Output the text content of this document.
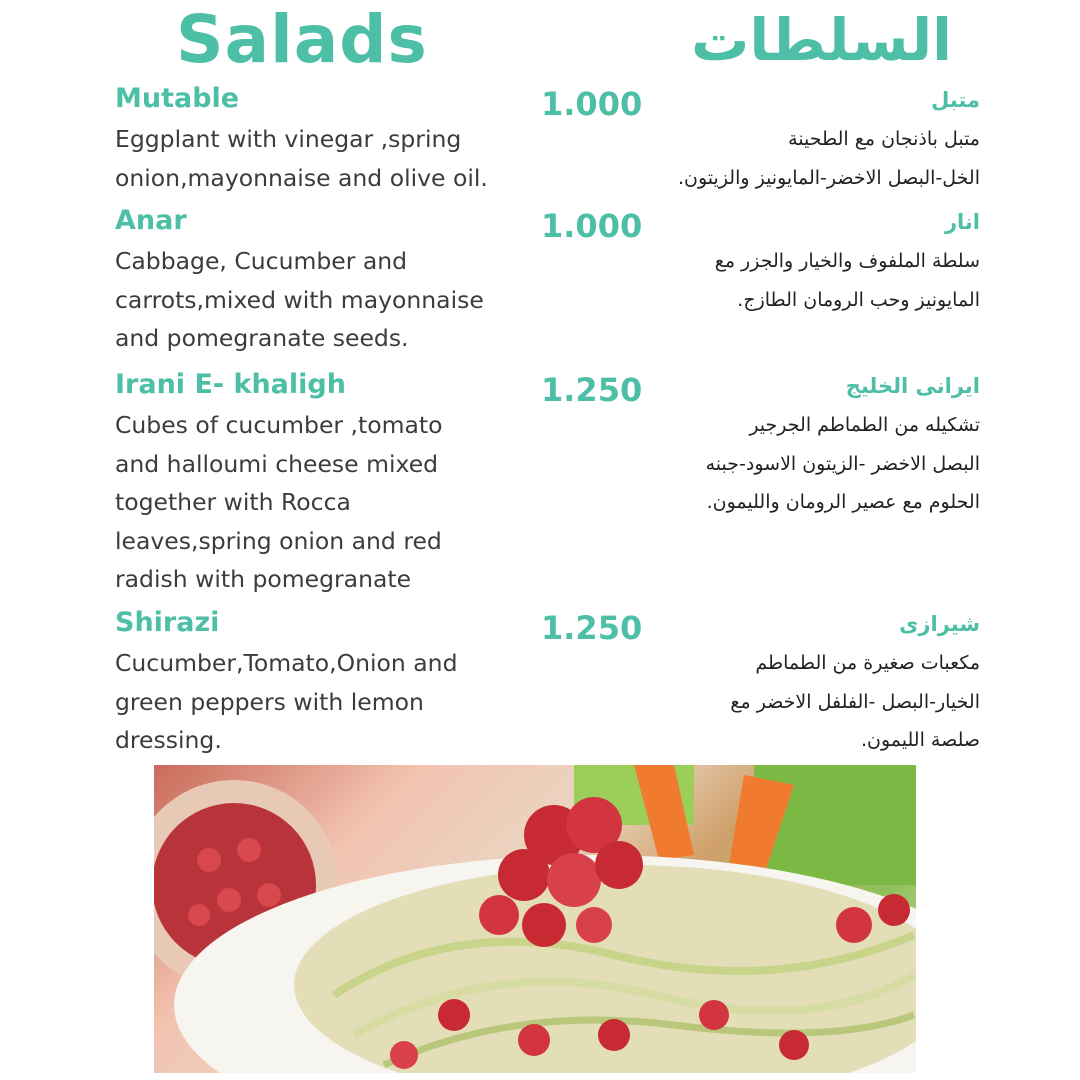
Salads	السلطات
Mutable
Eggplant with vinegar ,spring
onion,mayonnaise and olive oil.
1.000	متبل
متبل باذنجان مع الطحينة
الخل-البصل الاخضر-المايونيز والزيتون.
Anar
Cabbage, Cucumber and
carrots,mixed with mayonnaise
and pomegranate seeds.
1.000	انار
سلطة الملفوف والخيار والجزر مع
المايونيز وحب الرومان الطازج.
Irani E- khaligh
Cubes of cucumber ,tomato
and halloumi cheese mixed
together with Rocca
leaves,spring onion and red
radish with pomegranate
1.250	ايرانى الخليج
تشكيله من الطماطم الجرجير
البصل الاخضر -الزيتون الاسود-جبنه
الحلوم مع عصير الرومان والليمون.
Shirazi
Cucumber,Tomato,Onion and
green peppers with lemon
dressing.
1.250	شيرازى
مكعبات صغيرة من الطماطم
الخيار-البصل -الفلفل الاخضر مع
صلصة الليمون.
